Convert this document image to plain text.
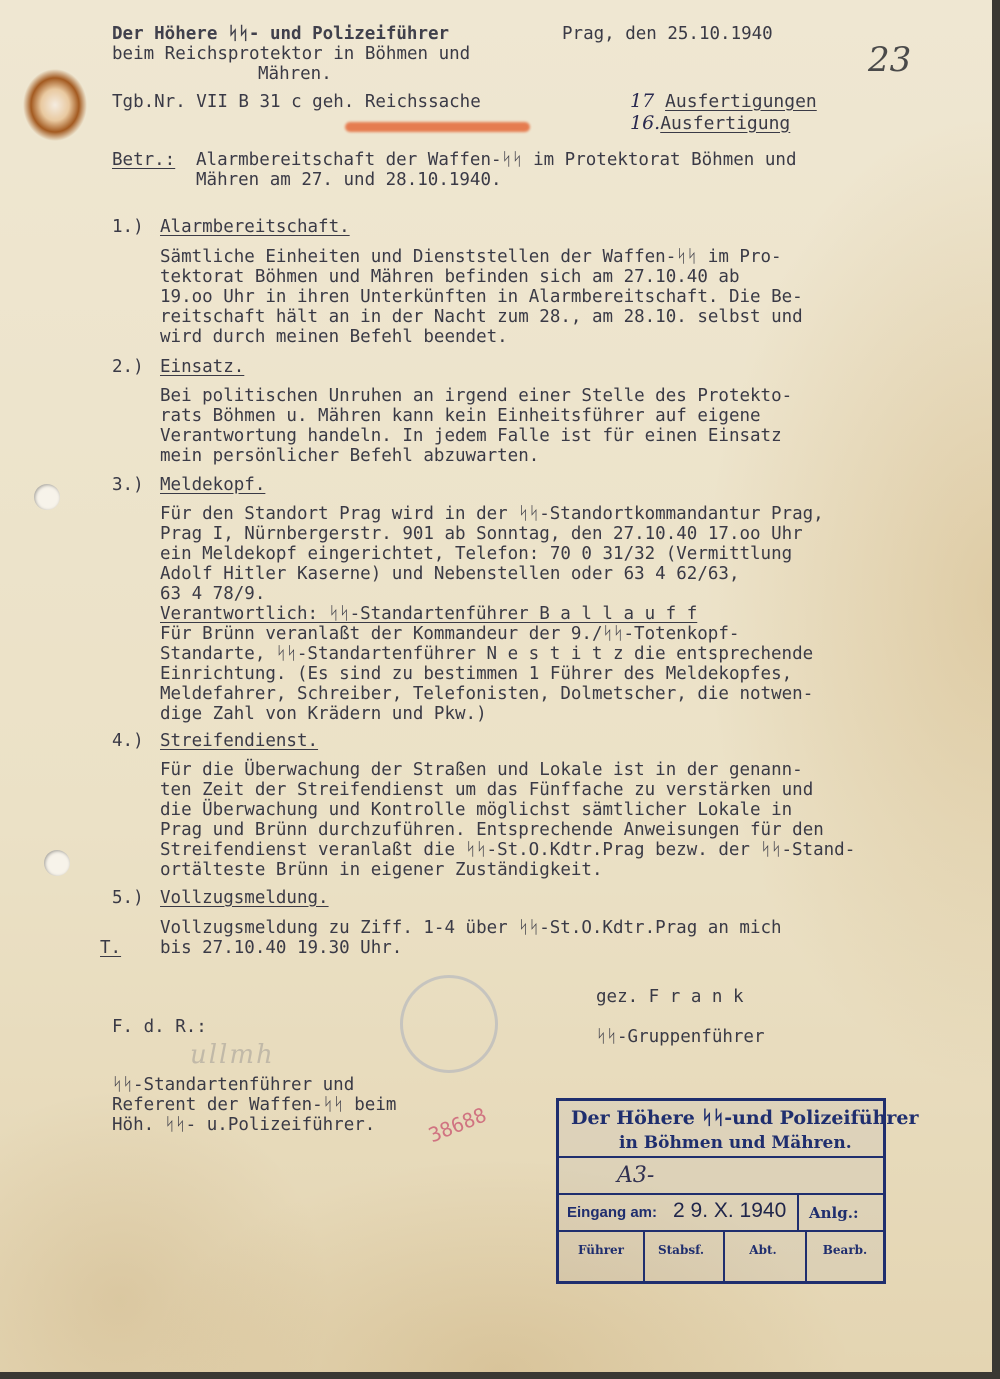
Der Höhere ᛋᛋ- und Polizeiführer
beim Reichsprotektor in Böhmen und
Mähren.
Prag, den 25.10.1940
23
Tgb.Nr. VII B 31 c geh. Reichssache	17 Ausfertigungen
16.Ausfertigung
Betr.: Alarmbereitschaft der Waffen-ᛋᛋ im Protektorat Böhmen und
Mähren am 27. und 28.10.1940.
1.) Alarmbereitschaft.
Sämtliche Einheiten und Dienststellen der Waffen-ᛋᛋ im Pro-
tektorat Böhmen und Mähren befinden sich am 27.10.40 ab
19.oo Uhr in ihren Unterkünften in Alarmbereitschaft. Die Be-
reitschaft hält an in der Nacht zum 28., am 28.10. selbst und
wird durch meinen Befehl beendet.
2.) Einsatz.
Bei politischen Unruhen an irgend einer Stelle des Protekto-
rats Böhmen u. Mähren kann kein Einheitsführer auf eigene
Verantwortung handeln. In jedem Falle ist für einen Einsatz
mein persönlicher Befehl abzuwarten.
3.) Meldekopf.
Für den Standort Prag wird in der ᛋᛋ-Standortkommandantur Prag,
Prag I, Nürnbergerstr. 901 ab Sonntag, den 27.10.40 17.oo Uhr
ein Meldekopf eingerichtet, Telefon: 70 0 31/32 (Vermittlung
Adolf Hitler Kaserne) und Nebenstellen oder 63 4 62/63,
63 4 78/9.
Verantwortlich: ᛋᛋ-Standartenführer B a l l a u f f
Für Brünn veranlaßt der Kommandeur der 9./ᛋᛋ-Totenkopf-
Standarte, ᛋᛋ-Standartenführer N e s t i t z die entsprechende
Einrichtung. (Es sind zu bestimmen 1 Führer des Meldekopfes,
Meldefahrer, Schreiber, Telefonisten, Dolmetscher, die notwen-
dige Zahl von Krädern und Pkw.)
4.) Streifendienst.
Für die Überwachung der Straßen und Lokale ist in der genann-
ten Zeit der Streifendienst um das Fünffache zu verstärken und
die Überwachung und Kontrolle möglichst sämtlicher Lokale in
Prag und Brünn durchzuführen. Entsprechende Anweisungen für den
Streifendienst veranlaßt die ᛋᛋ-St.O.Kdtr.Prag bezw. der ᛋᛋ-Stand-
ortälteste Brünn in eigener Zuständigkeit.
5.) Vollzugsmeldung.
Vollzugsmeldung zu Ziff. 1-4 über ᛋᛋ-St.O.Kdtr.Prag an mich
bis 27.10.40 19.30 Uhr.
T.
gez. F r a n k
ᛋᛋ-Gruppenführer
F. d. R.:
ullmh
ᛋᛋ-Standartenführer und
Referent der Waffen-ᛋᛋ beim
Höh. ᛋᛋ- u.Polizeiführer. 38688	Der Höhere ᛋᛋ-und Polizeiführer
in Böhmen und Mähren.
A3-
Eingang am: 2 9. X. 1940 Anlg.:
Führer	Stabsf.	Abt.	Bearb.
